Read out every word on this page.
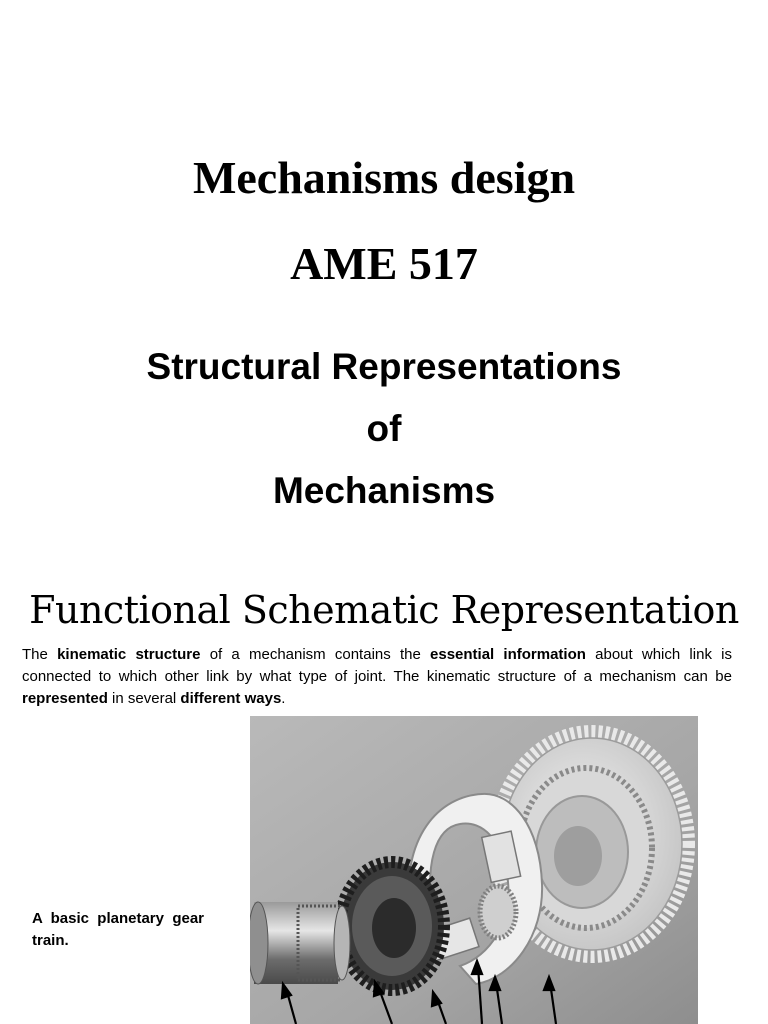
Mechanisms design
AME 517
Structural Representations
of
Mechanisms
Functional Schematic Representation
The kinematic structure of a mechanism contains the essential information about which link is connected to which other link by what type of joint. The kinematic structure of a mechanism can be represented in several different ways.
A basic planetary gear train.
